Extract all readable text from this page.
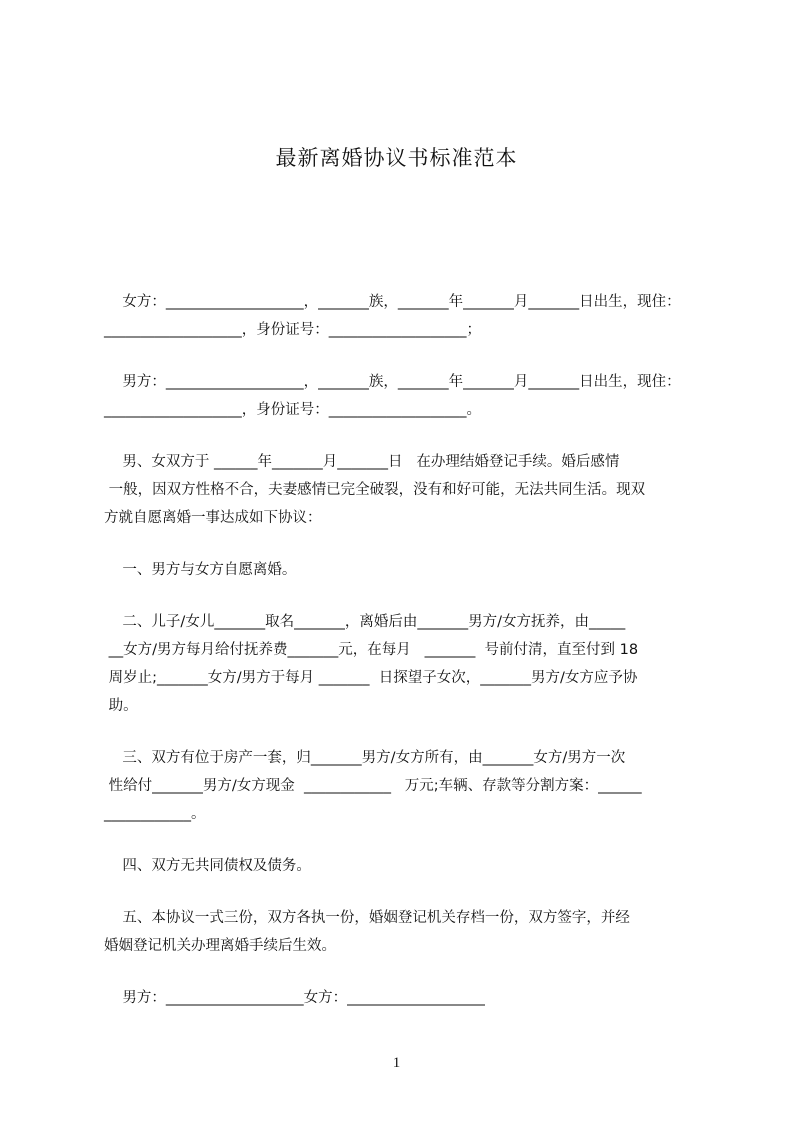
最新离婚协议书标准范本

女方：___________________，_______族，_______年_______月_______日出生，现住：

___________________，身份证号：___________________；

男方：___________________，_______族，_______年_______月_______日出生，现住：

___________________，身份证号：___________________。

男、女双方于 ______年_______月_______日   在办理结婚登记手续。婚后感情

一般，因双方性格不合，夫妻感情已完全破裂，没有和好可能，无法共同生活。现双

方就自愿离婚一事达成如下协议：

一、男方与女方自愿离婚。

二、儿子/女儿_______取名_______，离婚后由_______男方/女方抚养，由_____

__女方/男方每月给付抚养费_______元，在每月   _______  号前付清，直至付到 18

周岁止;_______女方/男方于每月 _______  日探望子女次，_______男方/女方应予协

助。

三、双方有位于房产一套，归_______男方/女方所有，由_______女方/男方一次

性给付_______男方/女方现金  ____________   万元;车辆、存款等分割方案：______

____________。

四、双方无共同债权及债务。

五、本协议一式三份，双方各执一份，婚姻登记机关存档一份，双方签字，并经

婚姻登记机关办理离婚手续后生效。

男方：___________________女方：___________________

1
